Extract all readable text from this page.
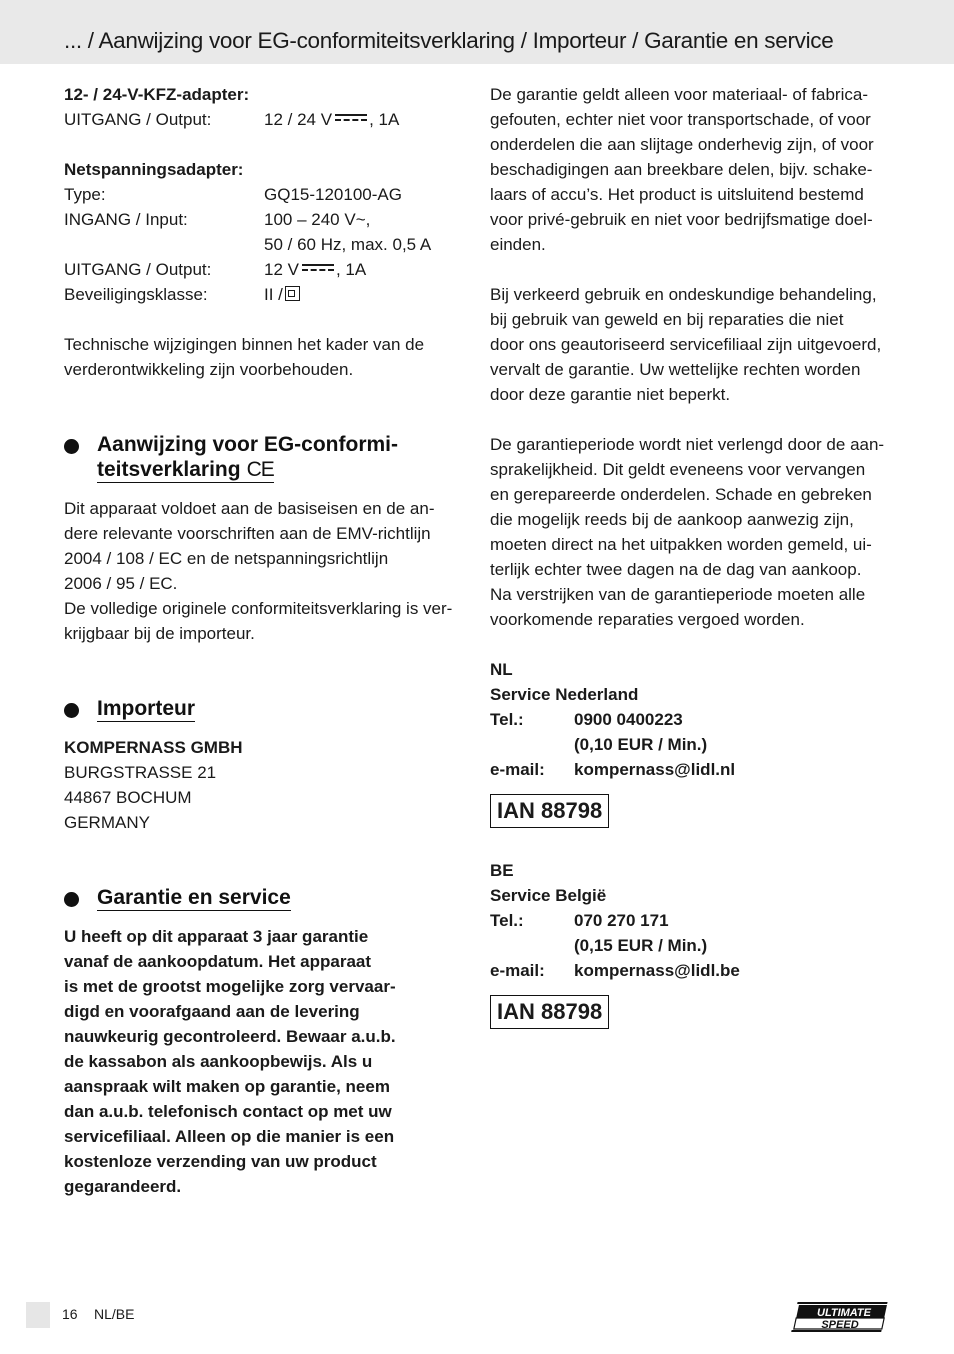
... / Aanwijzing voor EG-conformiteitsverklaring / Importeur / Garantie en service
12- / 24-V-KFZ-adapter:
UITGANG / Output:	12 / 24 V , 1A
Netspanningsadapter:
Type:	GQ15-120100-AG
INGANG / Input:	100 – 240 V~,
50 / 60 Hz, max. 0,5 A
UITGANG / Output:	12 V , 1A
Beveiligingsklasse:	II /
Technische wijzigingen binnen het kader van de
verderontwikkeling zijn voorbehouden.
Aanwijzing voor EG-conformi-
teitsverklaring CE
Dit apparaat voldoet aan de basiseisen en de an-
dere relevante voorschriften aan de EMV-richtlijn
2004 / 108 / EC en de netspanningsrichtlijn
2006 / 95 / EC.
De volledige originele conformiteitsverklaring is ver-
krijgbaar bij de importeur.
Importeur
KOMPERNASS GMBH
BURGSTRASSE 21
44867 BOCHUM
GERMANY
Garantie en service
U heeft op dit apparaat 3 jaar garantie
vanaf de aankoopdatum. Het apparaat
is met de grootst mogelijke zorg vervaar-
digd en voorafgaand aan de levering
nauwkeurig gecontroleerd. Bewaar a.u.b.
de kassabon als aankoopbewijs. Als u
aanspraak wilt maken op garantie, neem
dan a.u.b. telefonisch contact op met uw
servicefiliaal. Alleen op die manier is een
kostenloze verzending van uw product
gegarandeerd.
De garantie geldt alleen voor materiaal- of fabrica-
gefouten, echter niet voor transportschade, of voor
onderdelen die aan slijtage onderhevig zijn, of voor
beschadigingen aan breekbare delen, bijv. schake-
laars of accu’s. Het product is uitsluitend bestemd
voor privé-gebruik en niet voor bedrijfsmatige doel-
einden.
Bij verkeerd gebruik en ondeskundige behandeling,
bij gebruik van geweld en bij reparaties die niet
door ons geautoriseerd servicefiliaal zijn uitgevoerd,
vervalt de garantie. Uw wettelijke rechten worden
door deze garantie niet beperkt.
De garantieperiode wordt niet verlengd door de aan-
sprakelijkheid. Dit geldt eveneens voor vervangen
en gerepareerde onderdelen. Schade en gebreken
die mogelijk reeds bij de aankoop aanwezig zijn,
moeten direct na het uitpakken worden gemeld, ui-
terlijk echter twee dagen na de dag van aankoop.
Na verstrijken van de garantieperiode moeten alle
voorkomende reparaties vergoed worden.
NL
Service Nederland
Tel.:	0900 0400223
(0,10 EUR / Min.)
e-mail:	kompernass@lidl.nl
IAN 88798
BE
Service België
Tel.:	070 270 171
(0,15 EUR / Min.)
e-mail:	kompernass@lidl.be
IAN 88798
16 NL/BE	ULTIMATE
SPEED
